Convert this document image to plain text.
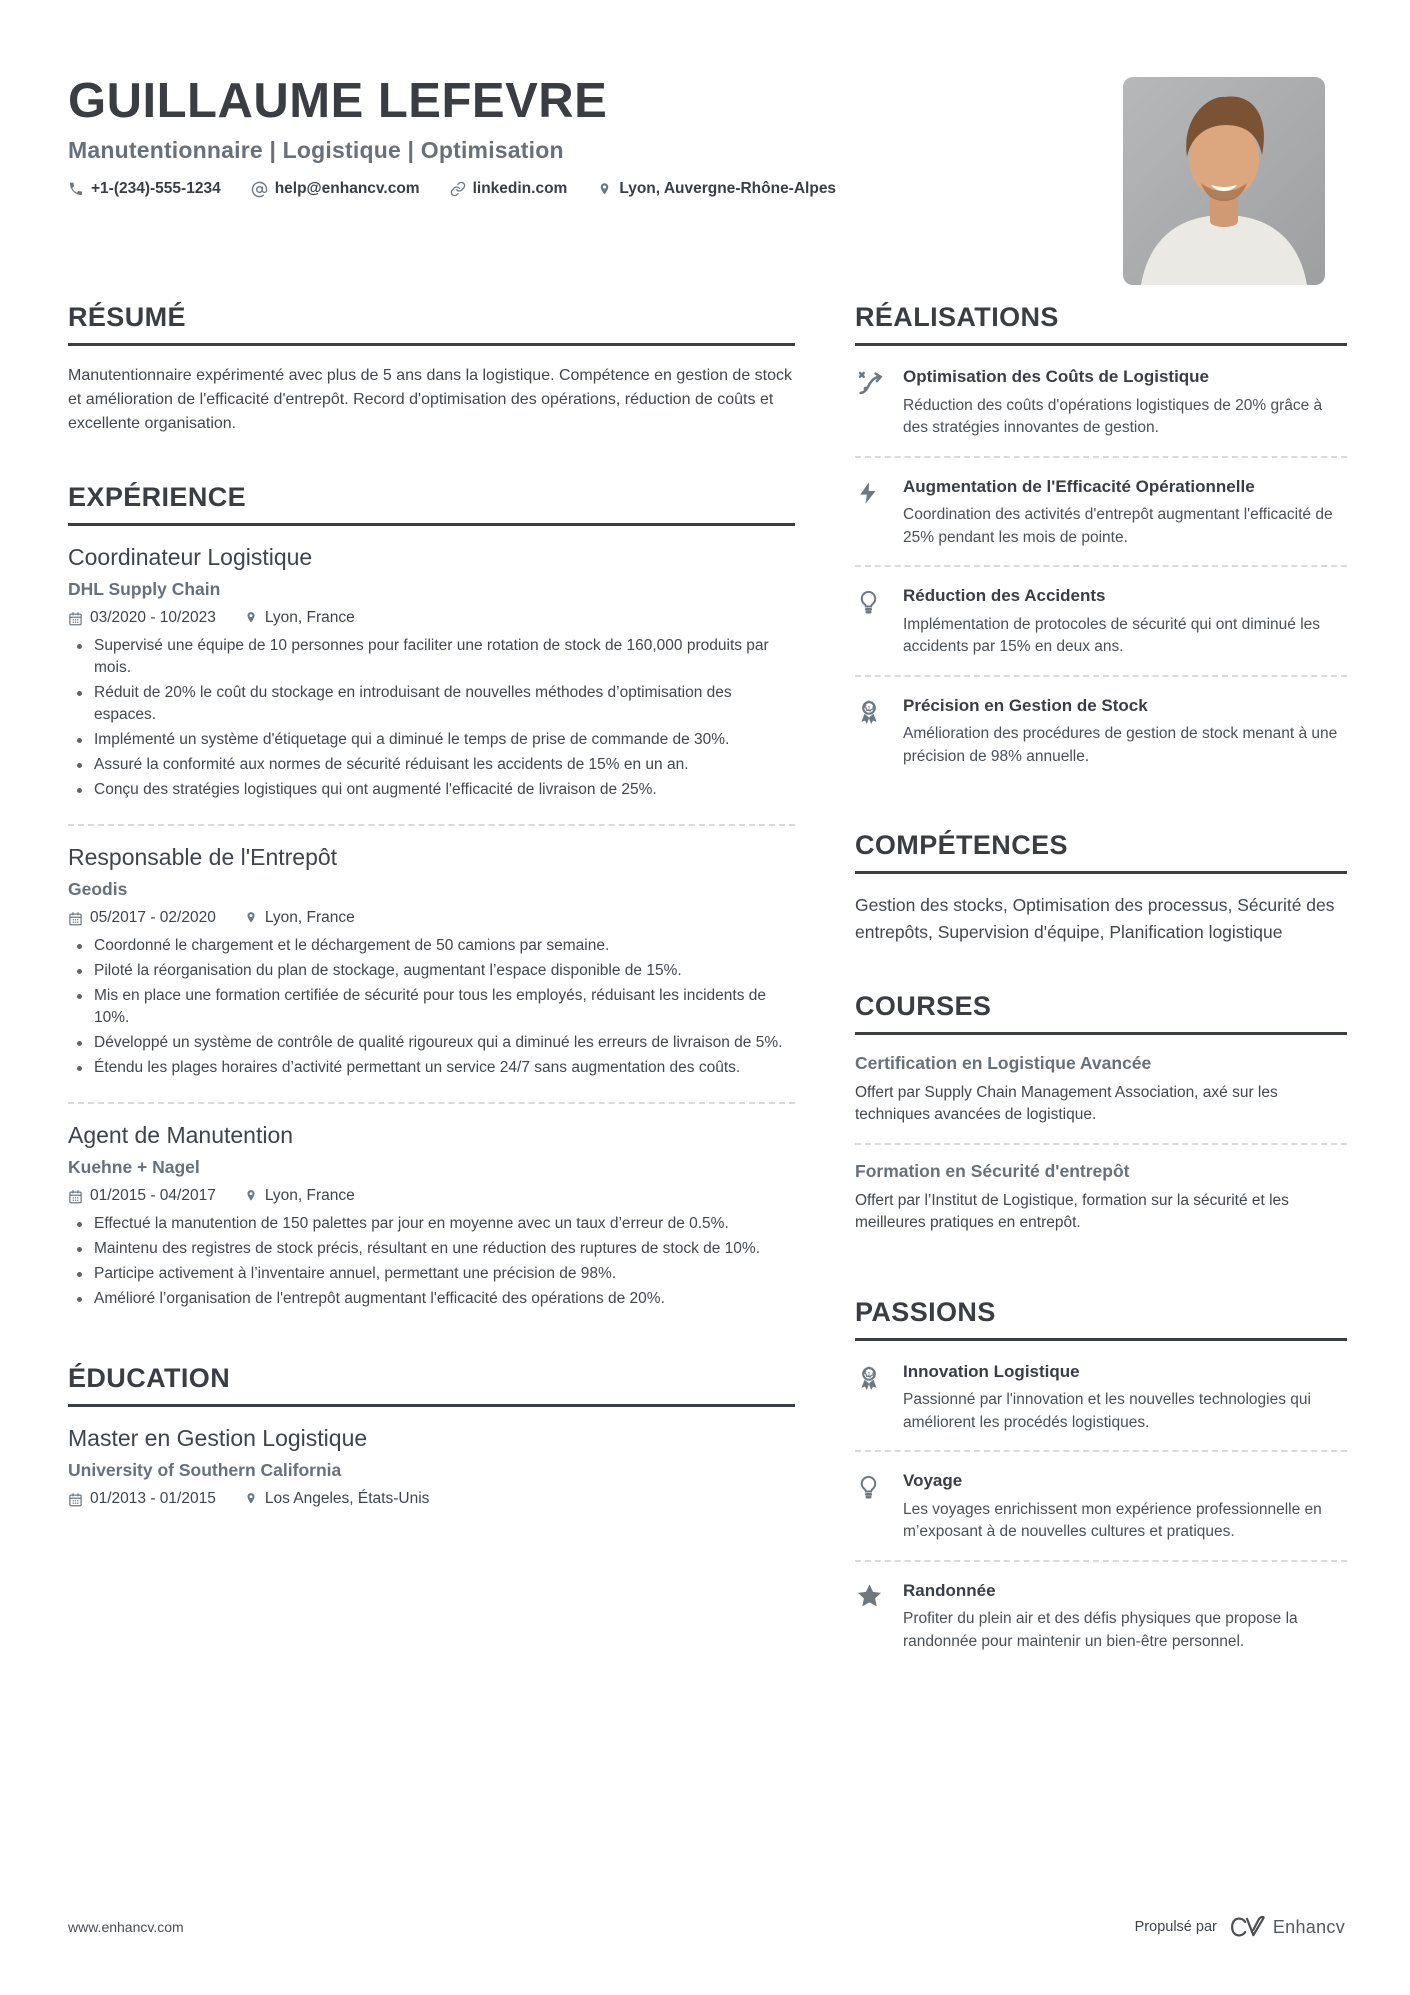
GUILLAUME LEFEVRE
Manutentionnaire | Logistique | Optimisation
+1-(234)-555-1234	help@enhancv.com	linkedin.com	Lyon, Auvergne-Rhône-Alpes
RÉSUMÉ

Manutentionnaire expérimenté avec plus de 5 ans dans la logistique. Compétence en gestion de stock et amélioration de l'efficacité d'entrepôt. Record d'optimisation des opérations, réduction de coûts et excellente organisation.

EXPÉRIENCE
Coordinateur Logistique
DHL Supply Chain
03/2020 - 10/2023	Lyon, France
Supervisé une équipe de 10 personnes pour faciliter une rotation de stock de 160,000 produits par mois.
Réduit de 20% le coût du stockage en introduisant de nouvelles méthodes d’optimisation des espaces.
Implémenté un système d'étiquetage qui a diminué le temps de prise de commande de 30%.
Assuré la conformité aux normes de sécurité réduisant les accidents de 15% en un an.
Conçu des stratégies logistiques qui ont augmenté l'efficacité de livraison de 25%.
Responsable de l'Entrepôt
Geodis
05/2017 - 02/2020	Lyon, France
Coordonné le chargement et le déchargement de 50 camions par semaine.
Piloté la réorganisation du plan de stockage, augmentant l’espace disponible de 15%.
Mis en place une formation certifiée de sécurité pour tous les employés, réduisant les incidents de 10%.
Développé un système de contrôle de qualité rigoureux qui a diminué les erreurs de livraison de 5%.
Étendu les plages horaires d’activité permettant un service 24/7 sans augmentation des coûts.
Agent de Manutention
Kuehne + Nagel
01/2015 - 04/2017	Lyon, France
Effectué la manutention de 150 palettes par jour en moyenne avec un taux d’erreur de 0.5%.
Maintenu des registres de stock précis, résultant en une réduction des ruptures de stock de 10%.
Participe activement à l’inventaire annuel, permettant une précision de 98%.
Amélioré l’organisation de l'entrepôt augmentant l'efficacité des opérations de 20%.
ÉDUCATION
Master en Gestion Logistique
University of Southern California
01/2013 - 01/2015	Los Angeles, États-Unis
RÉALISATIONS
Optimisation des Coûts de Logistique
Réduction des coûts d'opérations logistiques de 20% grâce à des stratégies innovantes de gestion.
Augmentation de l'Efficacité Opérationnelle
Coordination des activités d'entrepôt augmentant l'efficacité de 25% pendant les mois de pointe.
Réduction des Accidents
Implémentation de protocoles de sécurité qui ont diminué les accidents par 15% en deux ans.
1 Précision en Gestion de Stock
Amélioration des procédures de gestion de stock menant à une précision de 98% annuelle.
COMPÉTENCES

Gestion des stocks, Optimisation des processus, Sécurité des entrepôts, Supervision d'équipe, Planification logistique

COURSES
Certification en Logistique Avancée
Offert par Supply Chain Management Association, axé sur les techniques avancées de logistique.
Formation en Sécurité d'entrepôt
Offert par l’Institut de Logistique, formation sur la sécurité et les meilleures pratiques en entrepôt.
PASSIONS
1 Innovation Logistique
Passionné par l'innovation et les nouvelles technologies qui améliorent les procédés logistiques.
Voyage
Les voyages enrichissent mon expérience professionnelle en m’exposant à de nouvelles cultures et pratiques.
Randonnée
Profiter du plein air et des défis physiques que propose la randonnée pour maintenir un bien-être personnel.
www.enhancv.com	Propulsé par	Enhancv
